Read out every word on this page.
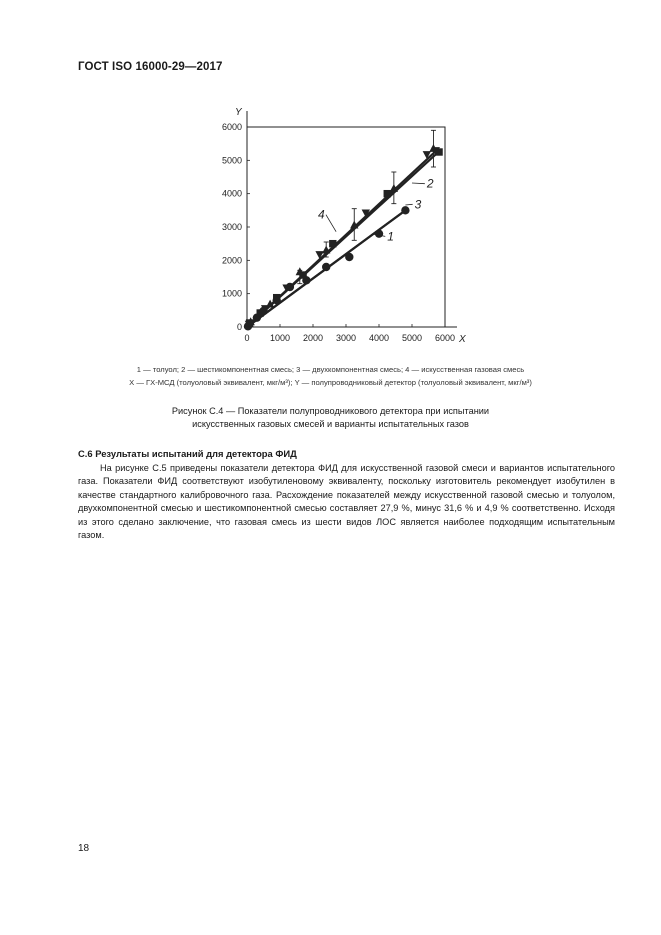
ГОСТ ISO 16000-29—2017
X
Y
0 1000 2000 3000 4000 5000 6000
0
1000
2000
3000
4000
5000
6000
1
2
3
4
1 — толуол; 2 — шестикомпонентная смесь; 3 — двухкомпонентная смесь; 4 — искусственная газовая смесь
X — ГХ-МСД (толуоловый эквивалент, мкг/м³); Y — полупроводниковый детектор (толуоловый эквивалент, мкг/м³)
Рисунок С.4 — Показатели полупроводникового детектора при испытании
искусственных газовых смесей и варианты испытательных газов
С.6 Результаты испытаний для детектора ФИД

На рисунке С.5 приведены показатели детектора ФИД для искусственной газовой смеси и вариантов испытательного газа. Показатели ФИД соответствуют изобутиленовому эквиваленту, поскольку изготовитель рекомендует изобутилен в качестве стандартного калибровочного газа. Расхождение показателей между искусственной газовой смесью и толуолом, двухкомпонентной смесью и шестикомпонентной смесью составляет 27,9 %, минус 31,6 % и 4,9 % соответственно. Исходя из этого сделано заключение, что газовая смесь из шести видов ЛОС является наиболее подходящим испытательным газом.

18
